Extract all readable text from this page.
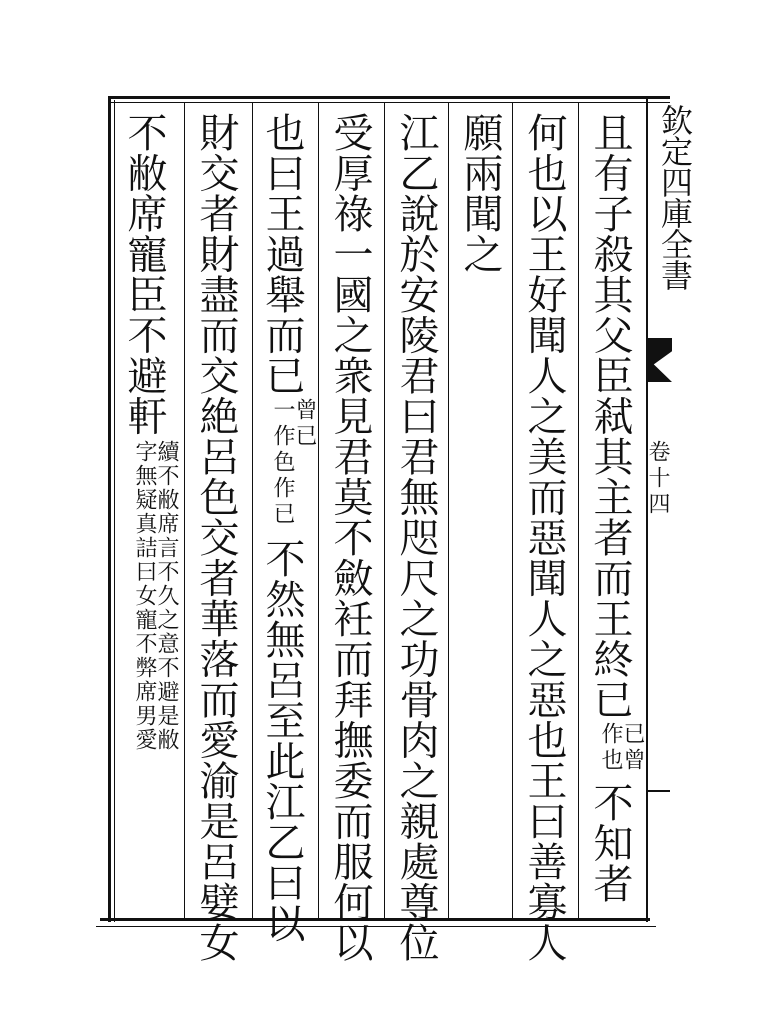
欽定四庫全書
卷十四
且有子殺其父臣弒其主者而王終已
已曾
作也
不知者
何也以王好聞人之美而惡聞人之惡也王曰善寡人
願兩聞之
江乙說於安陵君曰君無咫尺之功骨肉之親處尊位
受厚祿一國之衆見君莫不斂衽而拜撫委而服何以
也曰王過舉而已
曾已
一作色作已
不然無呂至此江乙曰以
財交者財盡而交絶呂色交者華落而愛渝是呂嬖女
不敝席寵臣不避軒
續不敝席言不久之意不避是敝
字無疑真詰曰女寵不弊席男愛
